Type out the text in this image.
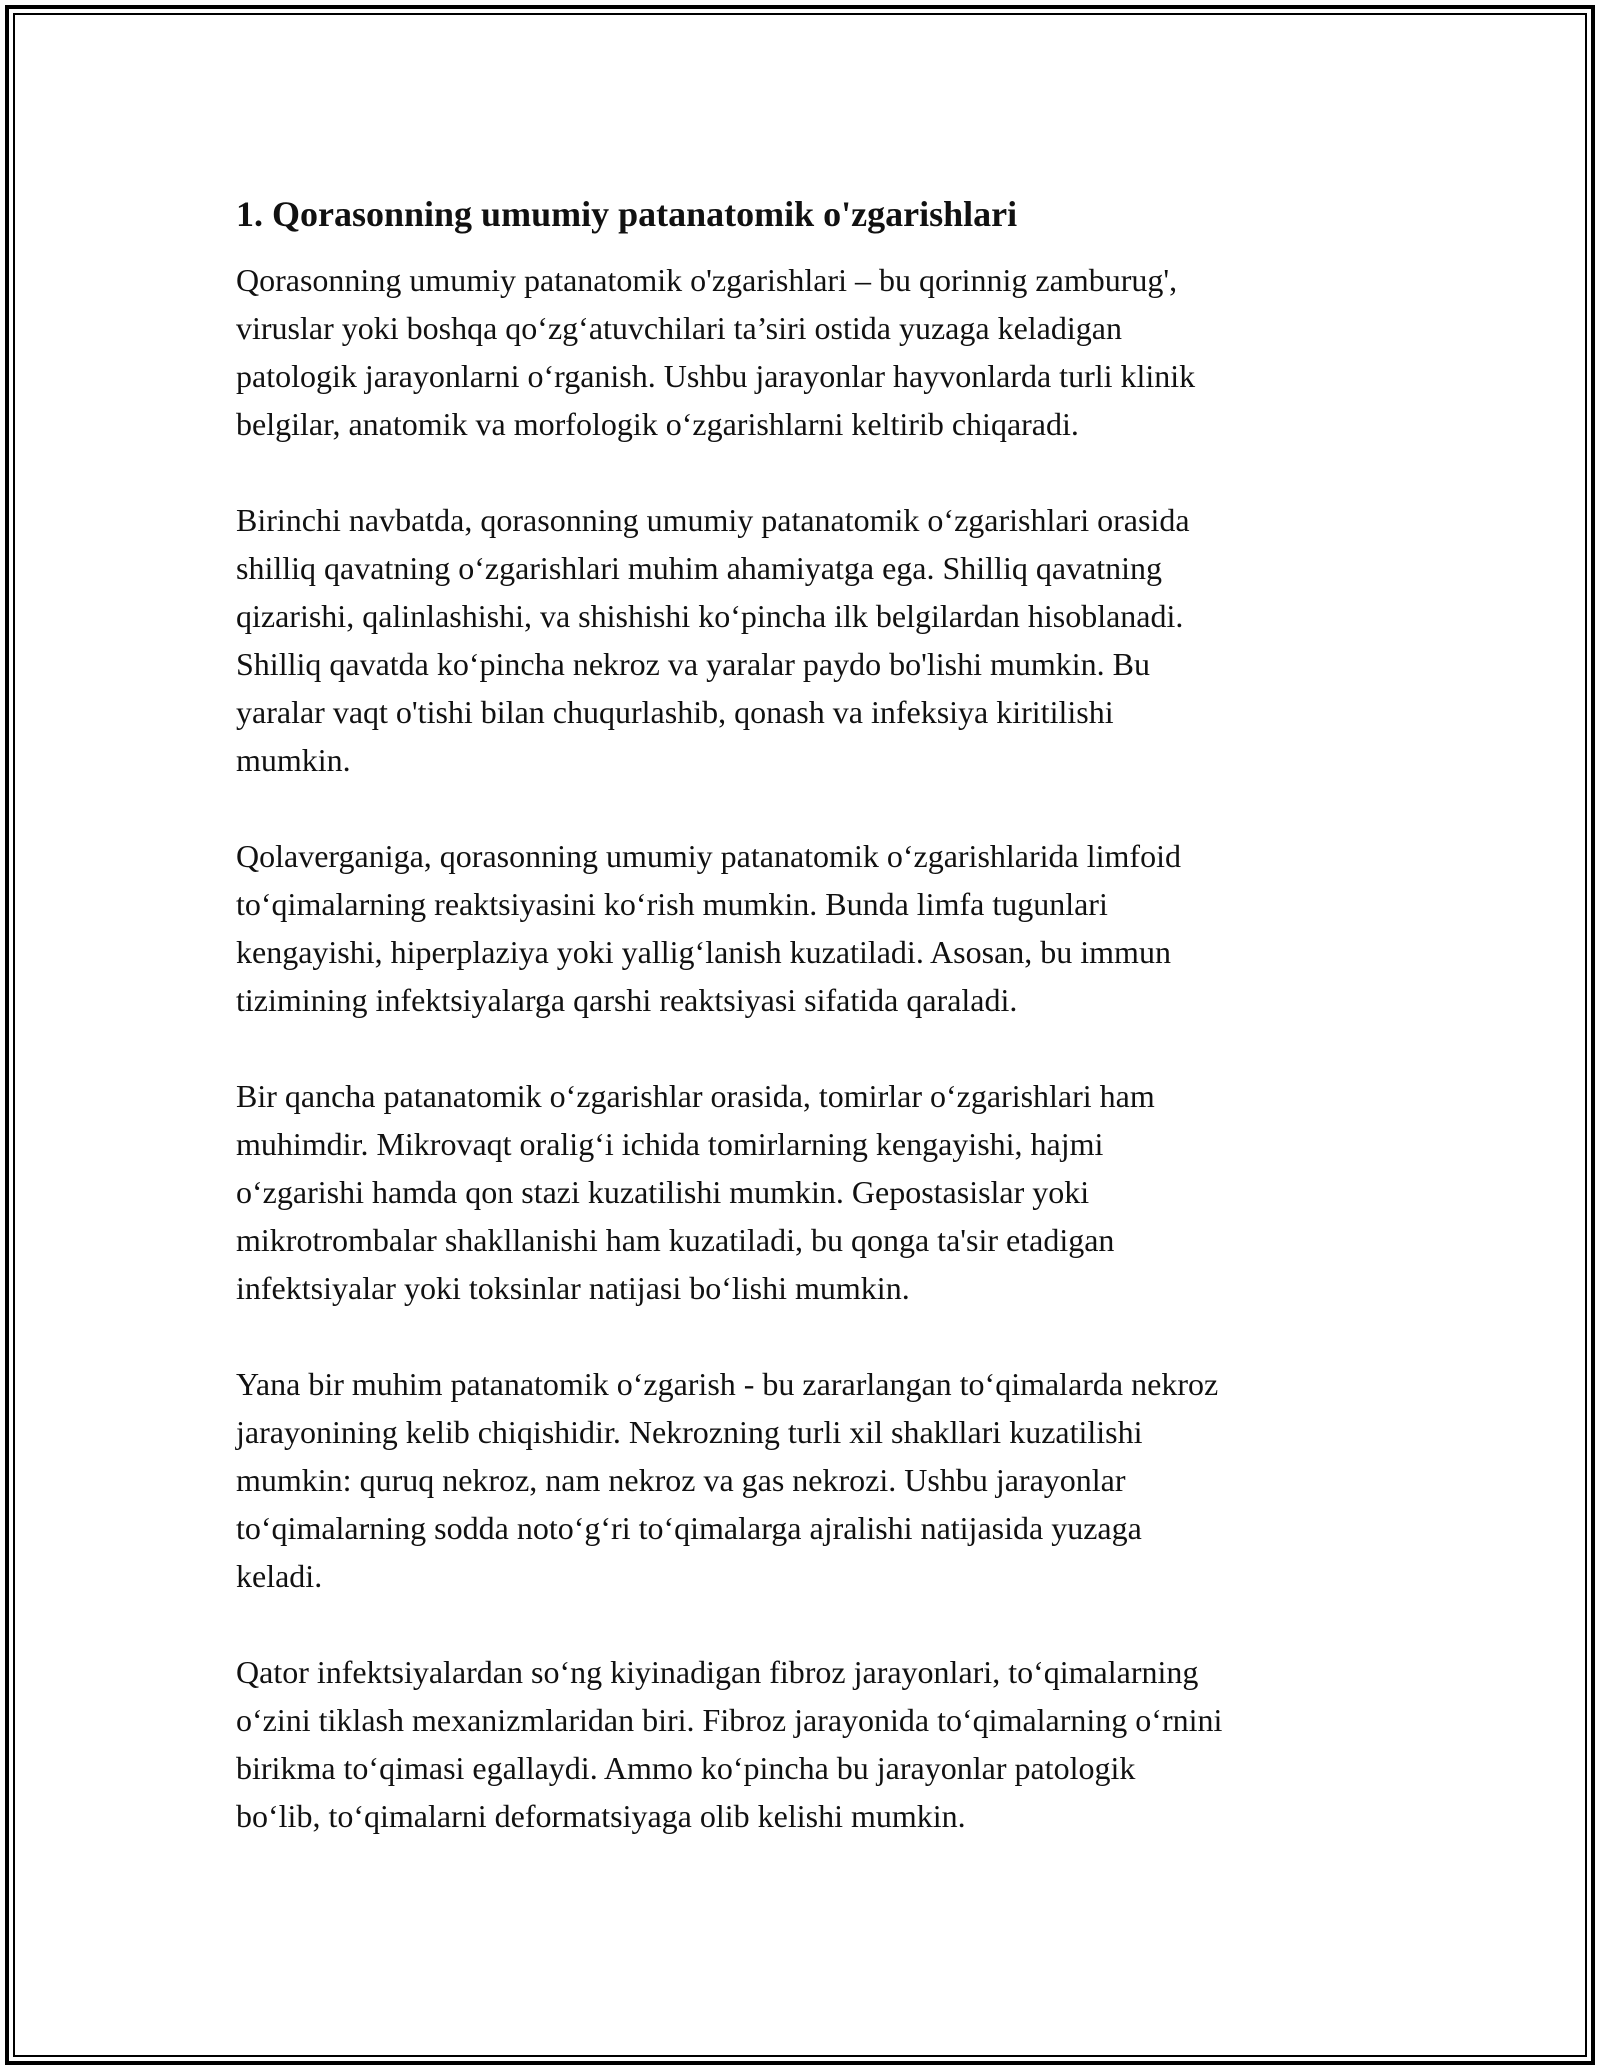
1. Qorasonning umumiy patanatomik o'zgarishlari

Qorasonning umumiy patanatomik o'zgarishlari – bu qorinnig zamburug',
viruslar yoki boshqa qo‘zg‘atuvchilari ta’siri ostida yuzaga keladigan
patologik jarayonlarni o‘rganish. Ushbu jarayonlar hayvonlarda turli klinik
belgilar, anatomik va morfologik o‘zgarishlarni keltirib chiqaradi.

Birinchi navbatda, qorasonning umumiy patanatomik o‘zgarishlari orasida
shilliq qavatning o‘zgarishlari muhim ahamiyatga ega. Shilliq qavatning
qizarishi, qalinlashishi, va shishishi ko‘pincha ilk belgilardan hisoblanadi.
Shilliq qavatda ko‘pincha nekroz va yaralar paydo bo'lishi mumkin. Bu
yaralar vaqt o'tishi bilan chuqurlashib, qonash va infeksiya kiritilishi
mumkin.

Qolaverganiga, qorasonning umumiy patanatomik o‘zgarishlarida limfoid
to‘qimalarning reaktsiyasini ko‘rish mumkin. Bunda limfa tugunlari
kengayishi, hiperplaziya yoki yallig‘lanish kuzatiladi. Asosan, bu immun
tizimining infektsiyalarga qarshi reaktsiyasi sifatida qaraladi.

Bir qancha patanatomik o‘zgarishlar orasida, tomirlar o‘zgarishlari ham
muhimdir. Mikrovaqt oralig‘i ichida tomirlarning kengayishi, hajmi
o‘zgarishi hamda qon stazi kuzatilishi mumkin. Gepostasislar yoki
mikrotrombalar shakllanishi ham kuzatiladi, bu qonga ta'sir etadigan
infektsiyalar yoki toksinlar natijasi bo‘lishi mumkin.

Yana bir muhim patanatomik o‘zgarish - bu zararlangan to‘qimalarda nekroz
jarayonining kelib chiqishidir. Nekrozning turli xil shakllari kuzatilishi
mumkin: quruq nekroz, nam nekroz va gas nekrozi. Ushbu jarayonlar
to‘qimalarning sodda noto‘g‘ri to‘qimalarga ajralishi natijasida yuzaga
keladi.

Qator infektsiyalardan so‘ng kiyinadigan fibroz jarayonlari, to‘qimalarning
o‘zini tiklash mexanizmlaridan biri. Fibroz jarayonida to‘qimalarning o‘rnini
birikma to‘qimasi egallaydi. Ammo ko‘pincha bu jarayonlar patologik
bo‘lib, to‘qimalarni deformatsiyaga olib kelishi mumkin.
